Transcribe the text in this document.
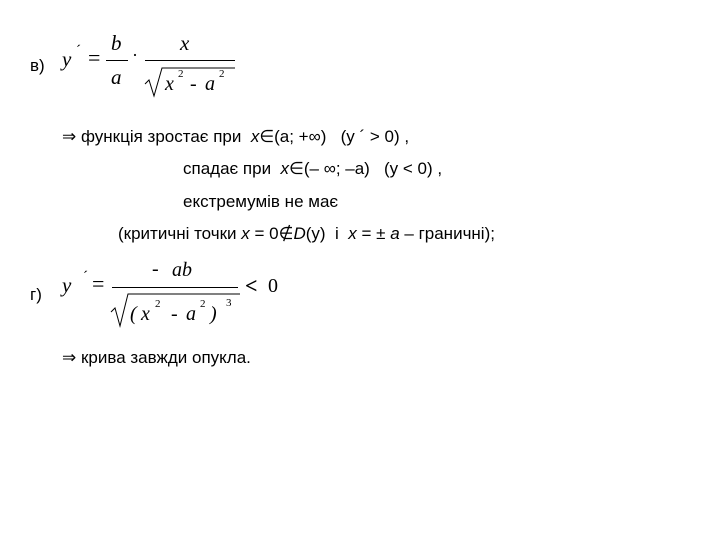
в) y ´ =
b
a
· x
x 2 - a 2
⇒ функція зростає при x∈(a; +∞) (y ´ > 0) ,
спадає при x∈(– ∞; –a) (y < 0) ,
екстремумів не має
(критичні точки x = 0∉D(y) і x = ± a – граничні);
г) y ´ =
- ab
( x 2 - a 2 ) 3
< 0
⇒ крива завжди опукла.
